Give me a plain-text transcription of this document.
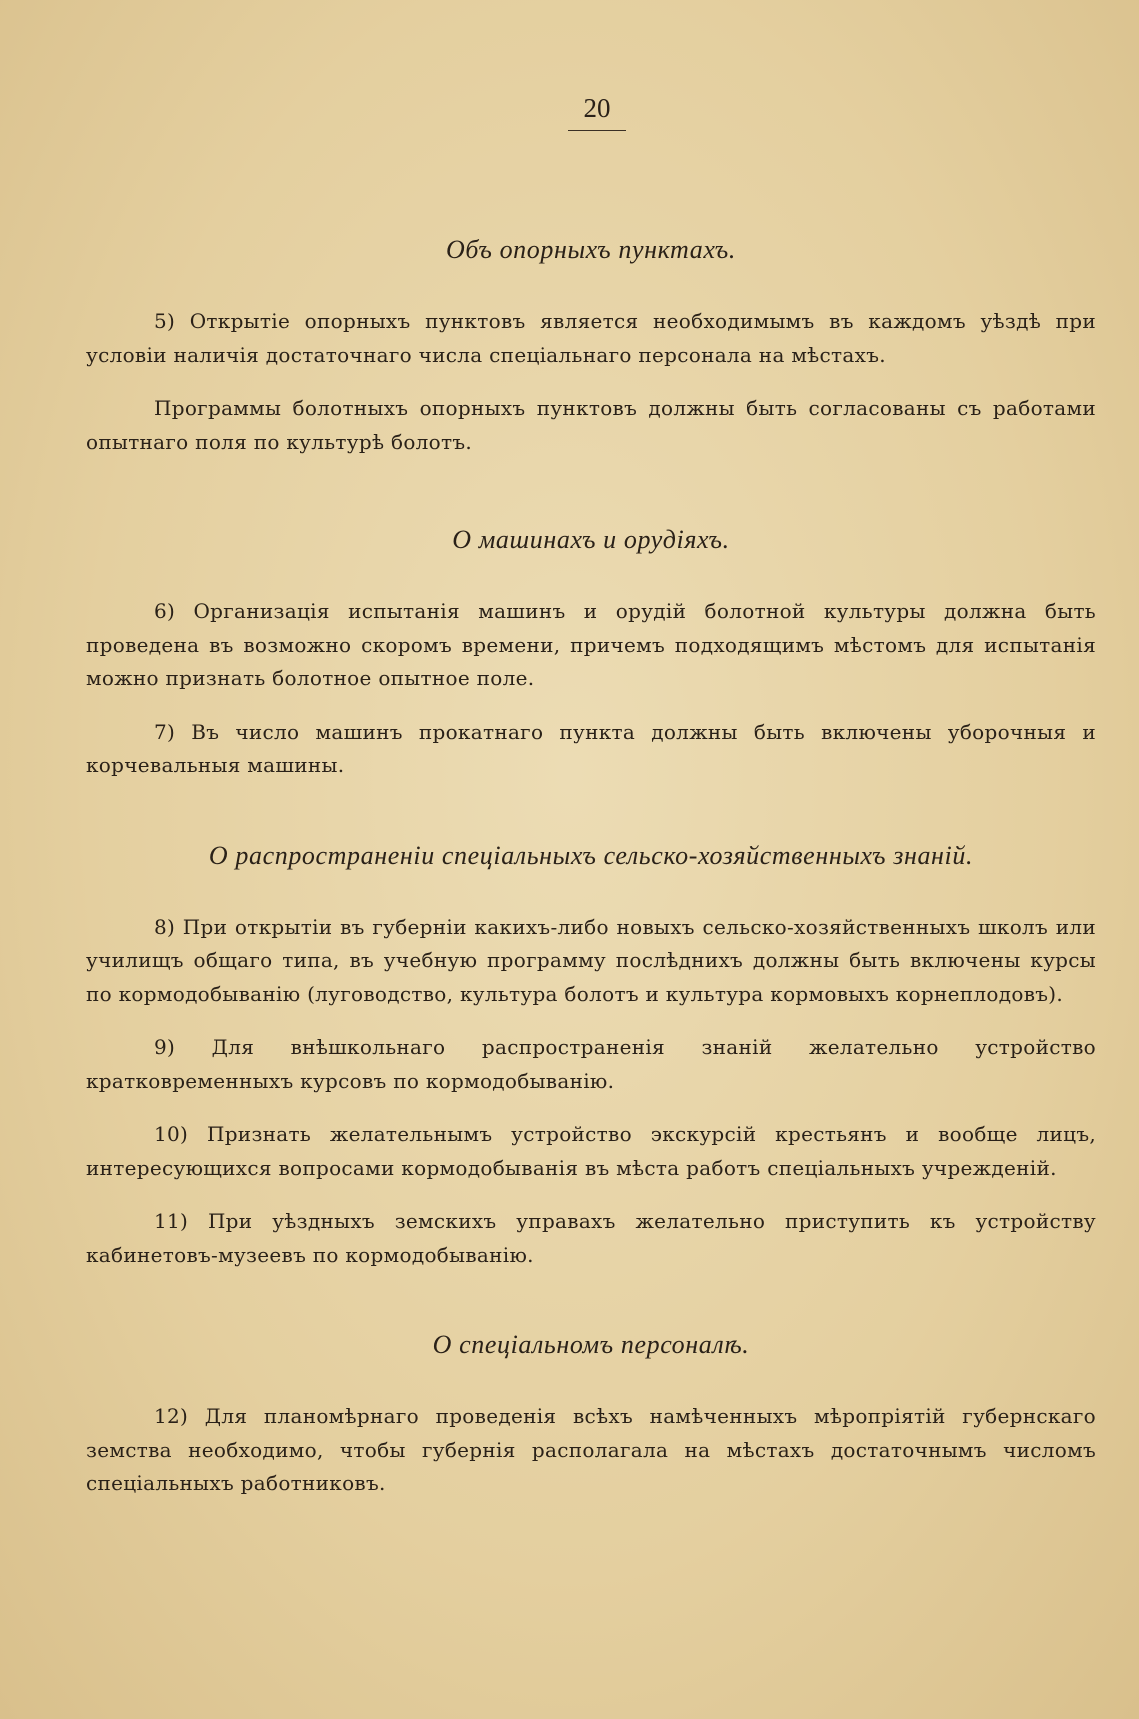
20
Объ опорныхъ пунктахъ.

5) Открытіе опорныхъ пунктовъ является необходимымъ въ каждомъ уѣздѣ при условіи наличія достаточнаго числа спеціальнаго персонала на мѣстахъ.

Программы болотныхъ опорныхъ пунктовъ должны быть согласованы съ работами опытнаго поля по культурѣ болотъ.

О машинахъ и орудіяхъ.

6) Организація испытанія машинъ и орудій болотной культуры должна быть проведена въ возможно скоромъ времени, причемъ подходящимъ мѣстомъ для испытанія можно признать болотное опытное поле.

7) Въ число машинъ прокатнаго пункта должны быть включены уборочныя и корчевальныя машины.

О распространеніи спеціальныхъ сельско-хозяйственныхъ знаній.

8) При открытіи въ губерніи какихъ-либо новыхъ сельско-хозяйственныхъ школъ или училищъ общаго типа, въ учебную программу послѣднихъ должны быть включены курсы по кормодобыванію (луговодство, культура болотъ и культура кормовыхъ корнеплодовъ).

9) Для внѣшкольнаго распространенія знаній желательно устройство кратковременныхъ курсовъ по кормодобыванію.

10) Признать желательнымъ устройство экскурсій крестьянъ и вообще лицъ, интересующихся вопросами кормодобыванія въ мѣста работъ спеціальныхъ учрежденій.

11) При уѣздныхъ земскихъ управахъ желательно приступить къ устройству кабинетовъ-музеевъ по кормодобыванію.

О спеціальномъ персоналѣ.

12) Для планомѣрнаго проведенія всѣхъ намѣченныхъ мѣропріятій губернскаго земства необходимо, чтобы губернія располагала на мѣстахъ достаточнымъ числомъ спеціальныхъ работниковъ.
